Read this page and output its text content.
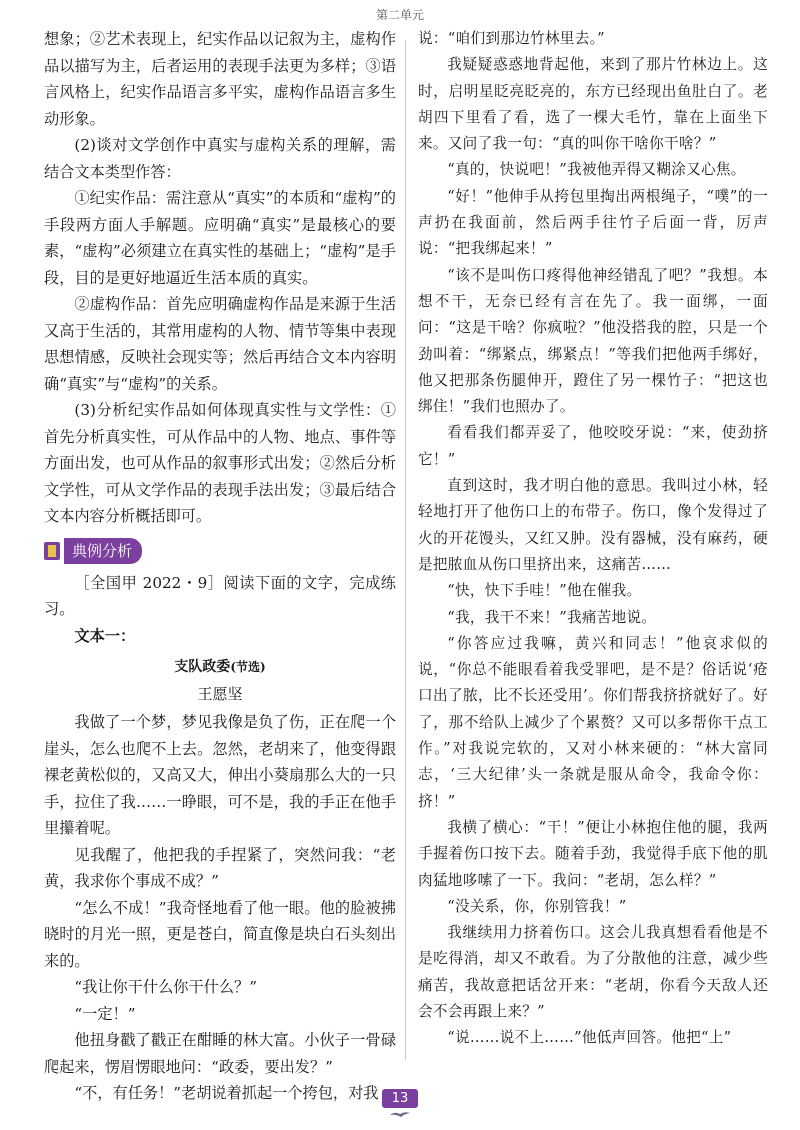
第二单元

想象；②艺术表现上，纪实作品以记叙为主，虚构作品以描写为主，后者运用的表现手法更为多样；③语言风格上，纪实作品语言多平实，虚构作品语言多生动形象。

(2)谈对文学创作中真实与虚构关系的理解，需结合文本类型作答：

①纪实作品：需注意从“真实”的本质和“虚构”的手段两方面人手解题。应明确“真实”是最核心的要素，“虚构”必须建立在真实性的基础上；“虚构”是手段，目的是更好地逼近生活本质的真实。

②虚构作品：首先应明确虚构作品是来源于生活又高于生活的，其常用虚构的人物、情节等集中表现思想情感，反映社会现实等；然后再结合文本内容明确“真实”与“虚构”的关系。

(3)分析纪实作品如何体现真实性与文学性：①首先分析真实性，可从作品中的人物、地点、事件等方面出发，也可从作品的叙事形式出发；②然后分析文学性，可从文学作品的表现手法出发；③最后结合文本内容分析概括即可。

典例分析

［全国甲 2022・9］阅读下面的文字，完成练习。

文本一：

支队政委(节选)
王愿坚

我做了一个梦，梦见我像是负了伤，正在爬一个崖头，怎么也爬不上去。忽然，老胡来了，他变得跟裸老黄松似的，又高又大，伸出小葵扇那么大的一只手，拉住了我……一睁眼，可不是，我的手正在他手里攥着呢。

见我醒了，他把我的手捏紧了，突然问我：“老黄，我求你个事成不成？”

“怎么不成！”我奇怪地看了他一眼。他的脸被拂晓时的月光一照，更是苍白，简直像是块白石头刻出来的。

“我让你干什么你干什么？”

“一定！”

他扭身戳了戳正在酣睡的林大富。小伙子一骨碌爬起来，愣眉愣眼地问：“政委，要出发？”

“不，有任务！”老胡说着抓起一个挎包，对我

说：“咱们到那边竹林里去。”

我疑疑惑惑地背起他，来到了那片竹林边上。这时，启明星眨亮眨亮的，东方已经现出鱼肚白了。老胡四下里看了看，选了一棵大毛竹，靠在上面坐下来。又问了我一句：“真的叫你干啥你干啥？”

“真的，快说吧！”我被他弄得又糊涂又心焦。

“好！”他伸手从挎包里掏出两根绳子，“噗”的一声扔在我面前，然后两手往竹子后面一背，厉声说：“把我绑起来！”

“该不是叫伤口疼得他神经错乱了吧？”我想。本想不干，无奈已经有言在先了。我一面绑，一面问：“这是干啥？你疯啦？”他没搭我的腔，只是一个劲叫着：“绑紧点，绑紧点！”等我们把他两手绑好，他又把那条伤腿伸开，蹬住了另一棵竹子：“把这也绑住！”我们也照办了。

看看我们都弄妥了，他咬咬牙说：“来，使劲挤它！”

直到这时，我才明白他的意思。我叫过小林，轻轻地打开了他伤口上的布带子。伤口，像个发得过了火的开花馒头，又红又肿。没有器械，没有麻药，硬是把脓血从伤口里挤出来，这痛苦……

“快，快下手哇！”他在催我。

“我，我干不来！”我痛苦地说。

“你答应过我嘛，黄兴和同志！”他哀求似的说，“你总不能眼看着我受罪吧，是不是？俗话说‘疮口出了脓，比不长还受用’。你们帮我挤挤就好了。好了，那不给队上减少了个累赘？又可以多帮你干点工作。”对我说完软的，又对小林来硬的：“林大富同志，‘三大纪律’头一条就是服从命令，我命令你：挤！”

我横了横心：“干！”便让小林抱住他的腿，我两手握着伤口按下去。随着手劲，我觉得手底下他的肌肉猛地哆嗦了一下。我问：“老胡，怎么样？”

“没关系，你，你别管我！”

我继续用力挤着伤口。这会儿我真想看看他是不是吃得消，却又不敢看。为了分散他的注意，减少些痛苦，我故意把话岔开来：“老胡，你看今天敌人还会不会再跟上来？”

“说……说不上……”他低声回答。他把“上”

13
